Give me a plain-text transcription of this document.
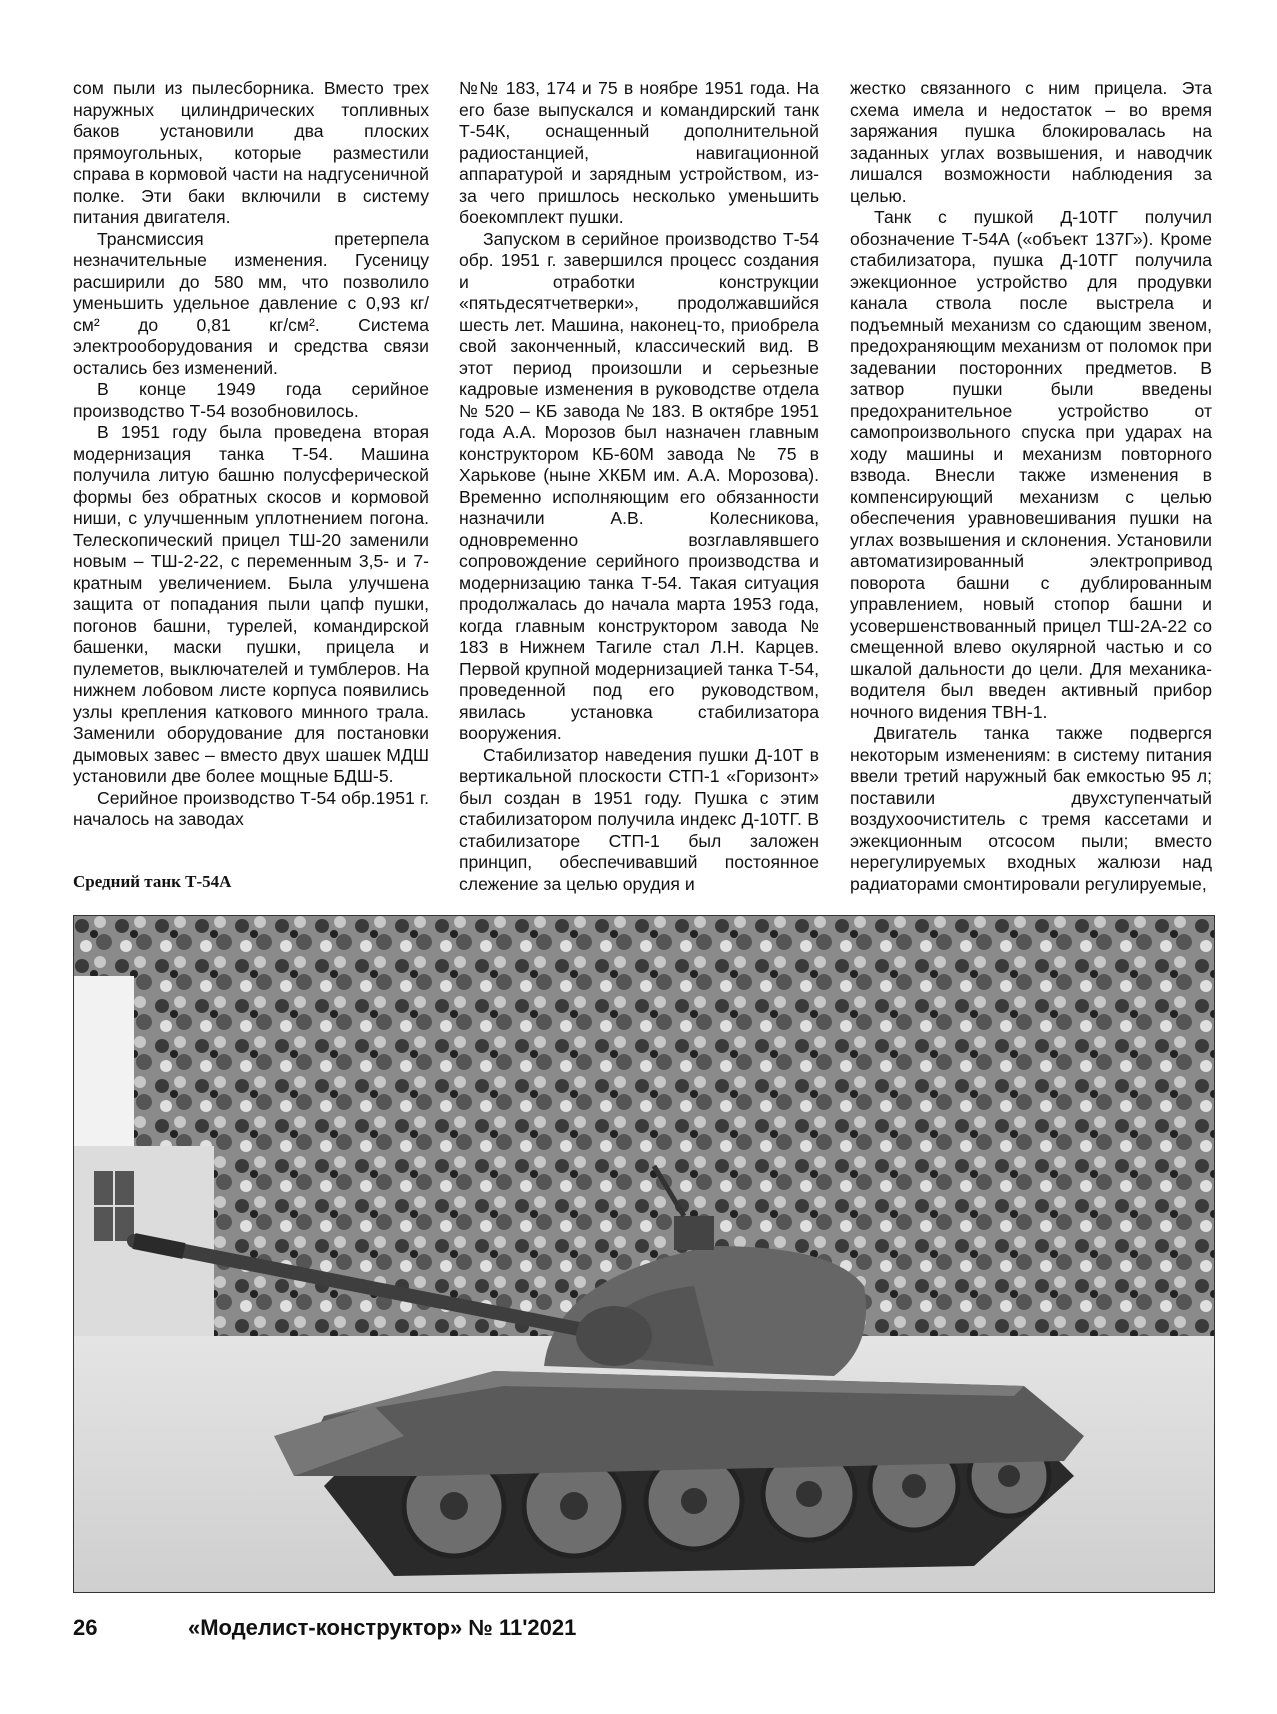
сом пыли из пылесборника. Вместо трех наружных цилиндрических топливных баков установили два плоских прямоугольных, которые разместили справа в кормовой части на надгусеничной полке. Эти баки включили в систему питания двигателя.

Трансмиссия претерпела незначительные изменения. Гусеницу расширили до 580 мм, что позволило уменьшить удельное давление с 0,93 кг/см² до 0,81 кг/см². Система электрооборудования и средства связи остались без изменений.

В конце 1949 года серийное производство Т-54 возобновилось.

В 1951 году была проведена вторая модернизация танка Т-54. Машина получила литую башню полусферической формы без обратных скосов и кормовой ниши, с улучшенным уплотнением погона. Телескопический прицел ТШ-20 заменили новым – ТШ-2-22, с переменным 3,5- и 7-кратным увеличением. Была улучшена защита от попадания пыли цапф пушки, погонов башни, турелей, командирской башенки, маски пушки, прицела и пулеметов, выключателей и тумблеров. На нижнем лобовом листе корпуса появились узлы крепления каткового минного трала. Заменили оборудование для постановки дымовых завес – вместо двух шашек МДШ установили две более мощные БДШ-5.

Серийное производство Т-54 обр.1951 г. началось на заводах

№№ 183, 174 и 75 в ноябре 1951 года. На его базе выпускался и командирский танк Т-54К, оснащенный дополнительной радиостанцией, навигационной аппаратурой и зарядным устройством, из-за чего пришлось несколько уменьшить боекомплект пушки.

Запуском в серийное производство Т-54 обр. 1951 г. завершился процесс создания и отработки конструкции «пятьдесятчетверки», продолжавшийся шесть лет. Машина, наконец-то, приобрела свой законченный, классический вид. В этот период произошли и серьезные кадровые изменения в руководстве отдела № 520 – КБ завода № 183. В октябре 1951 года А.А. Морозов был назначен главным конструктором КБ-60М завода № 75 в Харькове (ныне ХКБМ им. А.А. Морозова). Временно исполняющим его обязанности назначили А.В. Колесникова, одновременно возглавлявшего сопровождение серийного производства и модернизацию танка Т-54. Такая ситуация продолжалась до начала марта 1953 года, когда главным конструктором завода № 183 в Нижнем Тагиле стал Л.Н. Карцев. Первой крупной модернизацией танка Т-54, проведенной под его руководством, явилась установка стабилизатора вооружения.

Стабилизатор наведения пушки Д-10Т в вертикальной плоскости СТП-1 «Горизонт» был создан в 1951 году. Пушка с этим стабилизатором получила индекс Д-10ТГ. В стабилизаторе СТП-1 был заложен принцип, обеспечивавший постоянное слежение за целью орудия и

жестко связанного с ним прицела. Эта схема имела и недостаток – во время заряжания пушка блокировалась на заданных углах возвышения, и наводчик лишался возможности наблюдения за целью.

Танк с пушкой Д-10ТГ получил обозначение Т-54А («объект 137Г»). Кроме стабилизатора, пушка Д-10ТГ получила эжекционное устройство для продувки канала ствола после выстрела и подъемный механизм со сдающим звеном, предохраняющим механизм от поломок при задевании посторонних предметов. В затвор пушки были введены предохранительное устройство от самопроизвольного спуска при ударах на ходу машины и механизм повторного взвода. Внесли также изменения в компенсирующий механизм с целью обеспечения уравновешивания пушки на углах возвышения и склонения. Установили автоматизированный электропривод поворота башни с дублированным управлением, новый стопор башни и усовершенствованный прицел ТШ-2А-22 со смещенной влево окулярной частью и со шкалой дальности до цели. Для механика-водителя был введен активный прибор ночного видения ТВН-1.

Двигатель танка также подвергся некоторым изменениям: в систему питания ввели третий наружный бак емкостью 95 л; поставили двухступенчатый воздухоочиститель с тремя кассетами и эжекционным отсосом пыли; вместо нерегулируемых входных жалюзи над радиаторами смонтировали регулируемые,

Средний танк Т-54А
26	«Моделист-конструктор» № 11'2021
